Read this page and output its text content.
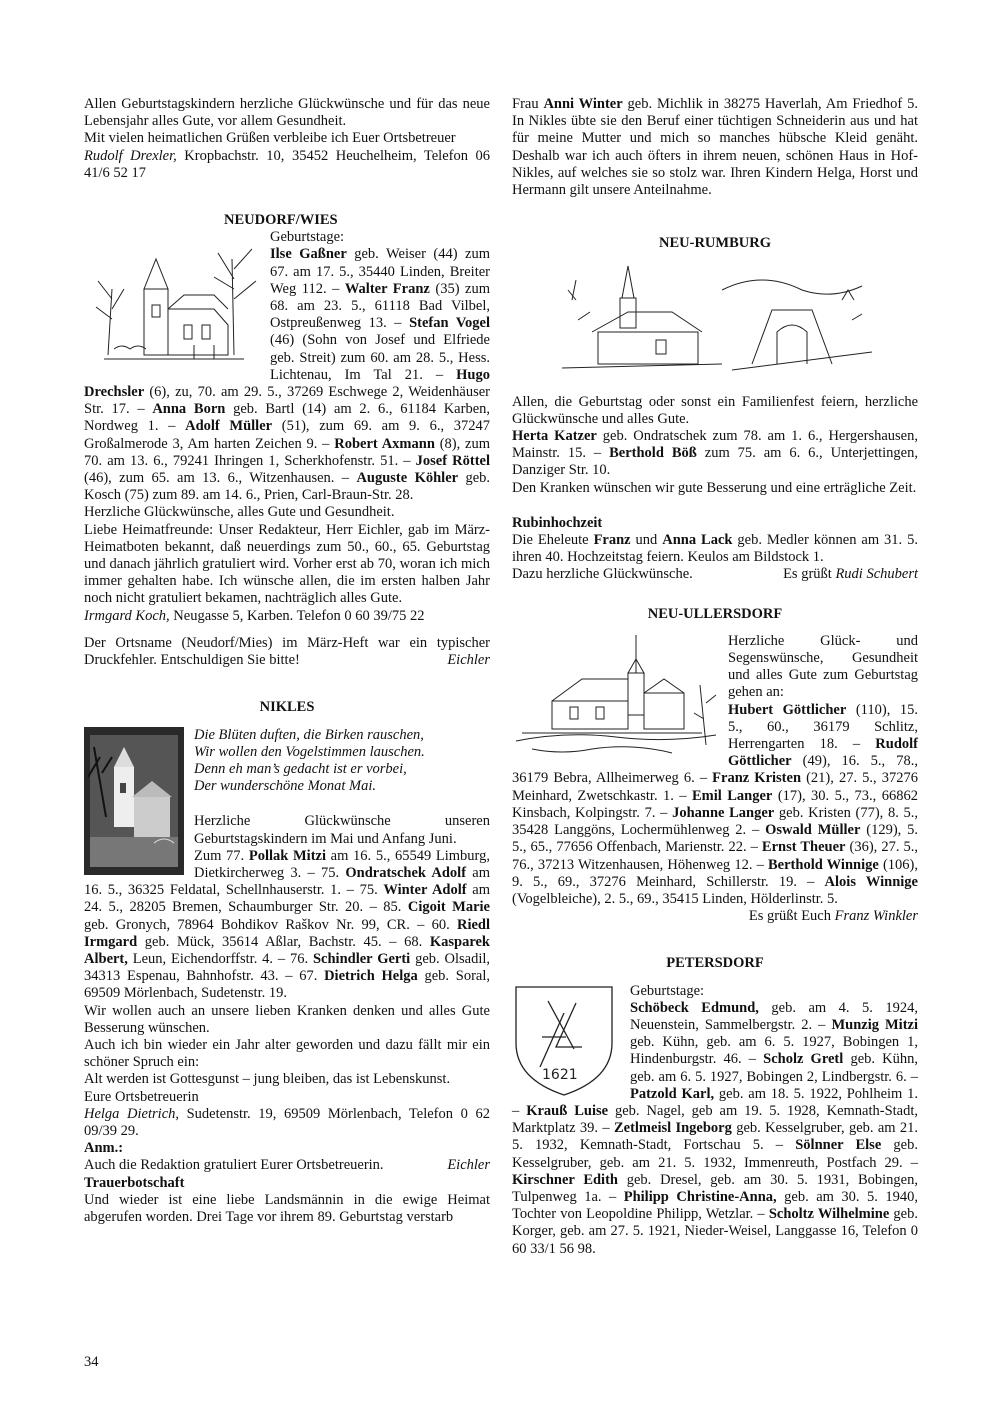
Allen Geburtstagskindern herzliche Glückwünsche und für das neue Lebensjahr alles Gute, vor allem Gesundheit.

Mit vielen heimatlichen Grüßen verbleibe ich Euer Ortsbetreuer

Rudolf Drexler, Kropbachstr. 10, 35452 Heuchelheim, Telefon 06 41/6 52 17

NEUDORF/WIES

Geburtstage:

Ilse Gaßner geb. Weiser (44) zum 67. am 17. 5., 35440 Linden, Breiter Weg 112. – Walter Franz (35) zum 68. am 23. 5., 61118 Bad Vilbel, Ostpreußenweg 13. – Stefan Vogel (46) (Sohn von Josef und Elfriede geb. Streit) zum 60. am 28. 5., Hess. Lichtenau, Im Tal 21. – Hugo Drechsler (6), zu, 70. am 29. 5., 37269 Eschwege 2, Weidenhäuser Str. 17. – Anna Born geb. Bartl (14) am 2. 6., 61184 Karben, Nordweg 1. – Adolf Müller (51), zum 69. am 9. 6., 37247 Großalmerode 3, Am harten Zeichen 9. – Robert Axmann (8), zum 70. am 13. 6., 79241 Ihringen 1, Scherkhofenstr. 51. – Josef Röttel (46), zum 65. am 13. 6., Witzenhausen. – Auguste Köhler geb. Kosch (75) zum 89. am 14. 6., Prien, Carl-Braun-Str. 28.

Herzliche Glückwünsche, alles Gute und Gesundheit.

Liebe Heimatfreunde: Unser Redakteur, Herr Eichler, gab im März-Heimatboten bekannt, daß neuerdings zum 50., 60., 65. Geburtstag und danach jährlich gratuliert wird. Vorher erst ab 70, woran ich mich immer gehalten habe. Ich wünsche allen, die im ersten halben Jahr noch nicht gratuliert bekamen, nachträglich alles Gute.

Irmgard Koch, Neugasse 5, Karben. Telefon 0 60 39/75 22

Der Ortsname (Neudorf/Mies) im März-Heft war ein typischer Druckfehler. Entschuldigen Sie bitte!	Eichler

NIKLES

Die Blüten duften, die Birken rauschen,

Wir wollen den Vogelstimmen lauschen.

Denn eh man’s gedacht ist er vorbei,

Der wunderschöne Monat Mai.

Herzliche Glückwünsche unseren Geburtstagskindern im Mai und Anfang Juni.
Zum 77. Pollak Mitzi am 16. 5., 65549 Limburg, Dietkircherweg 3. – 75. Ondratschek Adolf am 16. 5., 36325 Feldatal, Schellnhauserstr. 1. – 75. Winter Adolf am 24. 5., 28205 Bremen, Schaumburger Str. 20. – 85. Cigoit Marie geb. Gronych, 78964 Bohdikov Raškov Nr. 99, CR. – 60. Riedl Irmgard geb. Mück, 35614 Aßlar, Bachstr. 45. – 68. Kasparek Albert, Leun, Eichendorffstr. 4. – 76. Schindler Gerti geb. Olsadil, 34313 Espenau, Bahnhofstr. 43. – 67. Dietrich Helga geb. Soral, 69509 Mörlenbach, Sudetenstr. 19.

Wir wollen auch an unsere lieben Kranken denken und alles Gute Besserung wünschen.

Auch ich bin wieder ein Jahr alter geworden und dazu fällt mir ein schöner Spruch ein:

Alt werden ist Gottesgunst – jung bleiben, das ist Lebenskunst.

Eure Ortsbetreuerin

Helga Dietrich, Sudetenstr. 19, 69509 Mörlenbach, Telefon 0 62 09/39 29.

Anm.:

Auch die Redaktion gratuliert Eurer Ortsbetreuerin.	Eichler

Trauerbotschaft

Und wieder ist eine liebe Landsmännin in die ewige Heimat abgerufen worden. Drei Tage vor ihrem 89. Geburtstag verstarb

Frau Anni Winter geb. Michlik in 38275 Haverlah, Am Friedhof 5. In Nikles übte sie den Beruf einer tüchtigen Schneiderin aus und hat für meine Mutter und mich so manches hübsche Kleid genäht. Deshalb war ich auch öfters in ihrem neuen, schönen Haus in Hof-Nikles, auf welches sie so stolz war. Ihren Kindern Helga, Horst und Hermann gilt unsere Anteilnahme.

NEU-RUMBURG

Allen, die Geburtstag oder sonst ein Familienfest feiern, herzliche Glückwünsche und alles Gute.
Herta Katzer geb. Ondratschek zum 78. am 1. 6., Hergershausen, Mainstr. 15. – Berthold Böß zum 75. am 6. 6., Unterjettingen, Danziger Str. 10.
Den Kranken wünschen wir gute Besserung und eine erträgliche Zeit.

Rubinhochzeit

Die Eheleute Franz und Anna Lack geb. Medler können am 31. 5. ihren 40. Hochzeitstag feiern. Keulos am Bildstock 1.

Dazu herzliche Glückwünsche.	Es grüßt Rudi Schubert

NEU-ULLERSDORF

Herzliche Glück- und Segenswünsche, Gesundheit und alles Gute zum Geburtstag gehen an:
Hubert Göttlicher (110), 15. 5., 60., 36179 Schlitz, Herrengarten 18. – Rudolf Göttlicher (49), 16. 5., 78., 36179 Bebra, Allheimerweg 6. – Franz Kristen (21), 27. 5., 37276 Meinhard, Zwetschkastr. 1. – Emil Langer (17), 30. 5., 73., 66862 Kinsbach, Kolpingstr. 7. – Johanne Langer geb. Kristen (77), 8. 5., 35428 Langgöns, Lochermühlenweg 2. – Oswald Müller (129), 5. 5., 65., 77656 Offenbach, Marienstr. 22. – Ernst Theuer (36), 27. 5., 76., 37213 Witzenhausen, Höhenweg 12. – Berthold Winnige (106), 9. 5., 69., 37276 Meinhard, Schillerstr. 19. – Alois Winnige (Vogelbleiche), 2. 5., 69., 35415 Linden, Hölderlinstr. 5.

Es grüßt Euch Franz Winkler

PETERSDORF

1621

Geburtstage:

Schöbeck Edmund, geb. am 4. 5. 1924, Neuenstein, Sammelbergstr. 2. – Munzig Mitzi geb. Kühn, geb. am 6. 5. 1927, Bobingen 1, Hindenburgstr. 46. – Scholz Gretl geb. Kühn, geb. am 6. 5. 1927, Bobingen 2, Lindbergstr. 6. – Patzold Karl, geb. am 18. 5. 1922, Pohlheim 1. – Krauß Luise geb. Nagel, geb am 19. 5. 1928, Kemnath-Stadt, Marktplatz 39. – Zetlmeisl Ingeborg geb. Kesselgruber, geb. am 21. 5. 1932, Kemnath-Stadt, Fortschau 5. – Sölnner Else geb. Kesselgruber, geb. am 21. 5. 1932, Immenreuth, Postfach 29. – Kirschner Edith geb. Dresel, geb. am 30. 5. 1931, Bobingen, Tulpenweg 1a. – Philipp Christine-Anna, geb. am 30. 5. 1940, Tochter von Leopoldine Philipp, Wetzlar. – Scholtz Wilhelmine geb. Korger, geb. am 27. 5. 1921, Nieder-Weisel, Langgasse 16, Telefon 0 60 33/1 56 98.

34
